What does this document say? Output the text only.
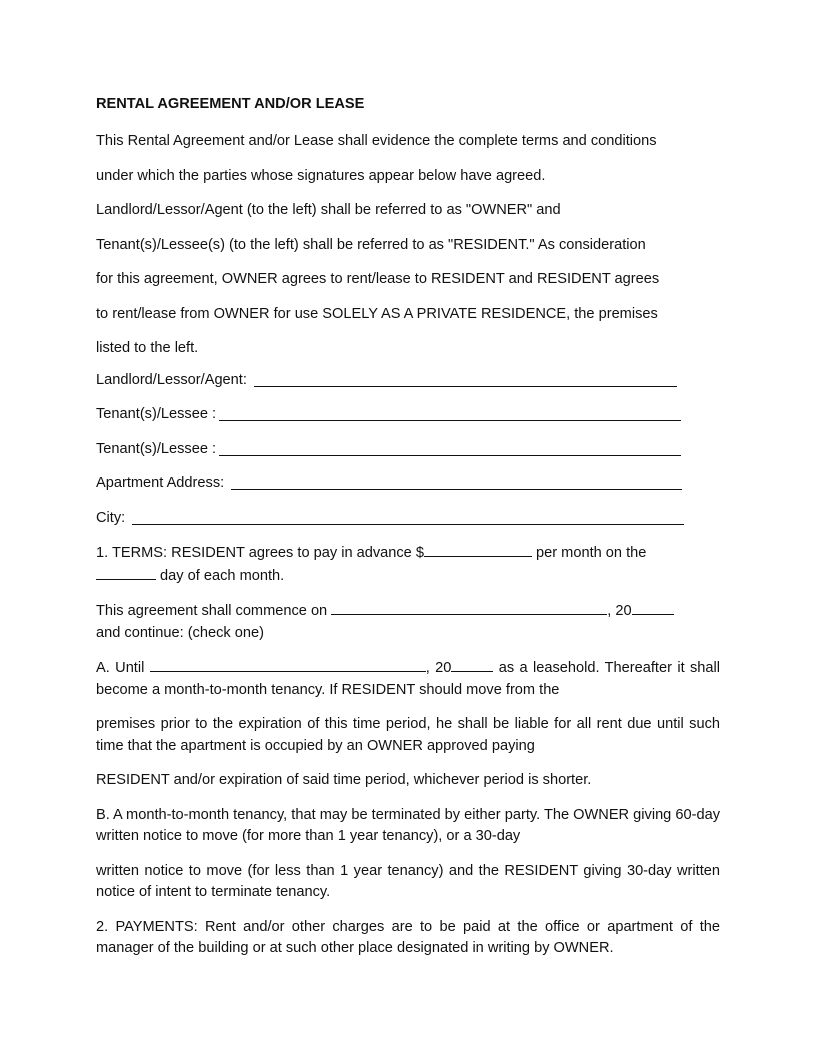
RENTAL AGREEMENT AND/OR LEASE
This Rental Agreement and/or Lease shall evidence the complete terms and conditions
under which the parties whose signatures appear below have agreed.
Landlord/Lessor/Agent (to the left) shall be referred to as "OWNER" and
Tenant(s)/Lessee(s) (to the left) shall be referred to as "RESIDENT." As consideration
for this agreement, OWNER agrees to rent/lease to RESIDENT and RESIDENT agrees
to rent/lease from OWNER for use SOLELY AS A PRIVATE RESIDENCE, the premises
listed to the left.
Landlord/Lessor/Agent:
Tenant(s)/Lessee :
Tenant(s)/Lessee :
Apartment Address:
City:

1. TERMS: RESIDENT agrees to pay in advance $	per month on the
day of each month.

This agreement shall commence on	, 20
and continue: (check one)

A. Until	, 20	as a leasehold. Thereafter it shall become a month-to-month tenancy. If RESIDENT should move from the

premises prior to the expiration of this time period, he shall be liable for all rent due until such time that the apartment is occupied by an OWNER approved paying

RESIDENT and/or expiration of said time period, whichever period is shorter.

B. A month-to-month tenancy, that may be terminated by either party. The OWNER giving 60-day written notice to move (for more than 1 year tenancy), or a 30-day

written notice to move (for less than 1 year tenancy) and the RESIDENT giving 30-day written notice of intent to terminate tenancy.

2. PAYMENTS: Rent and/or other charges are to be paid at the office or apartment of the manager of the building or at such other place designated in writing by OWNER.
